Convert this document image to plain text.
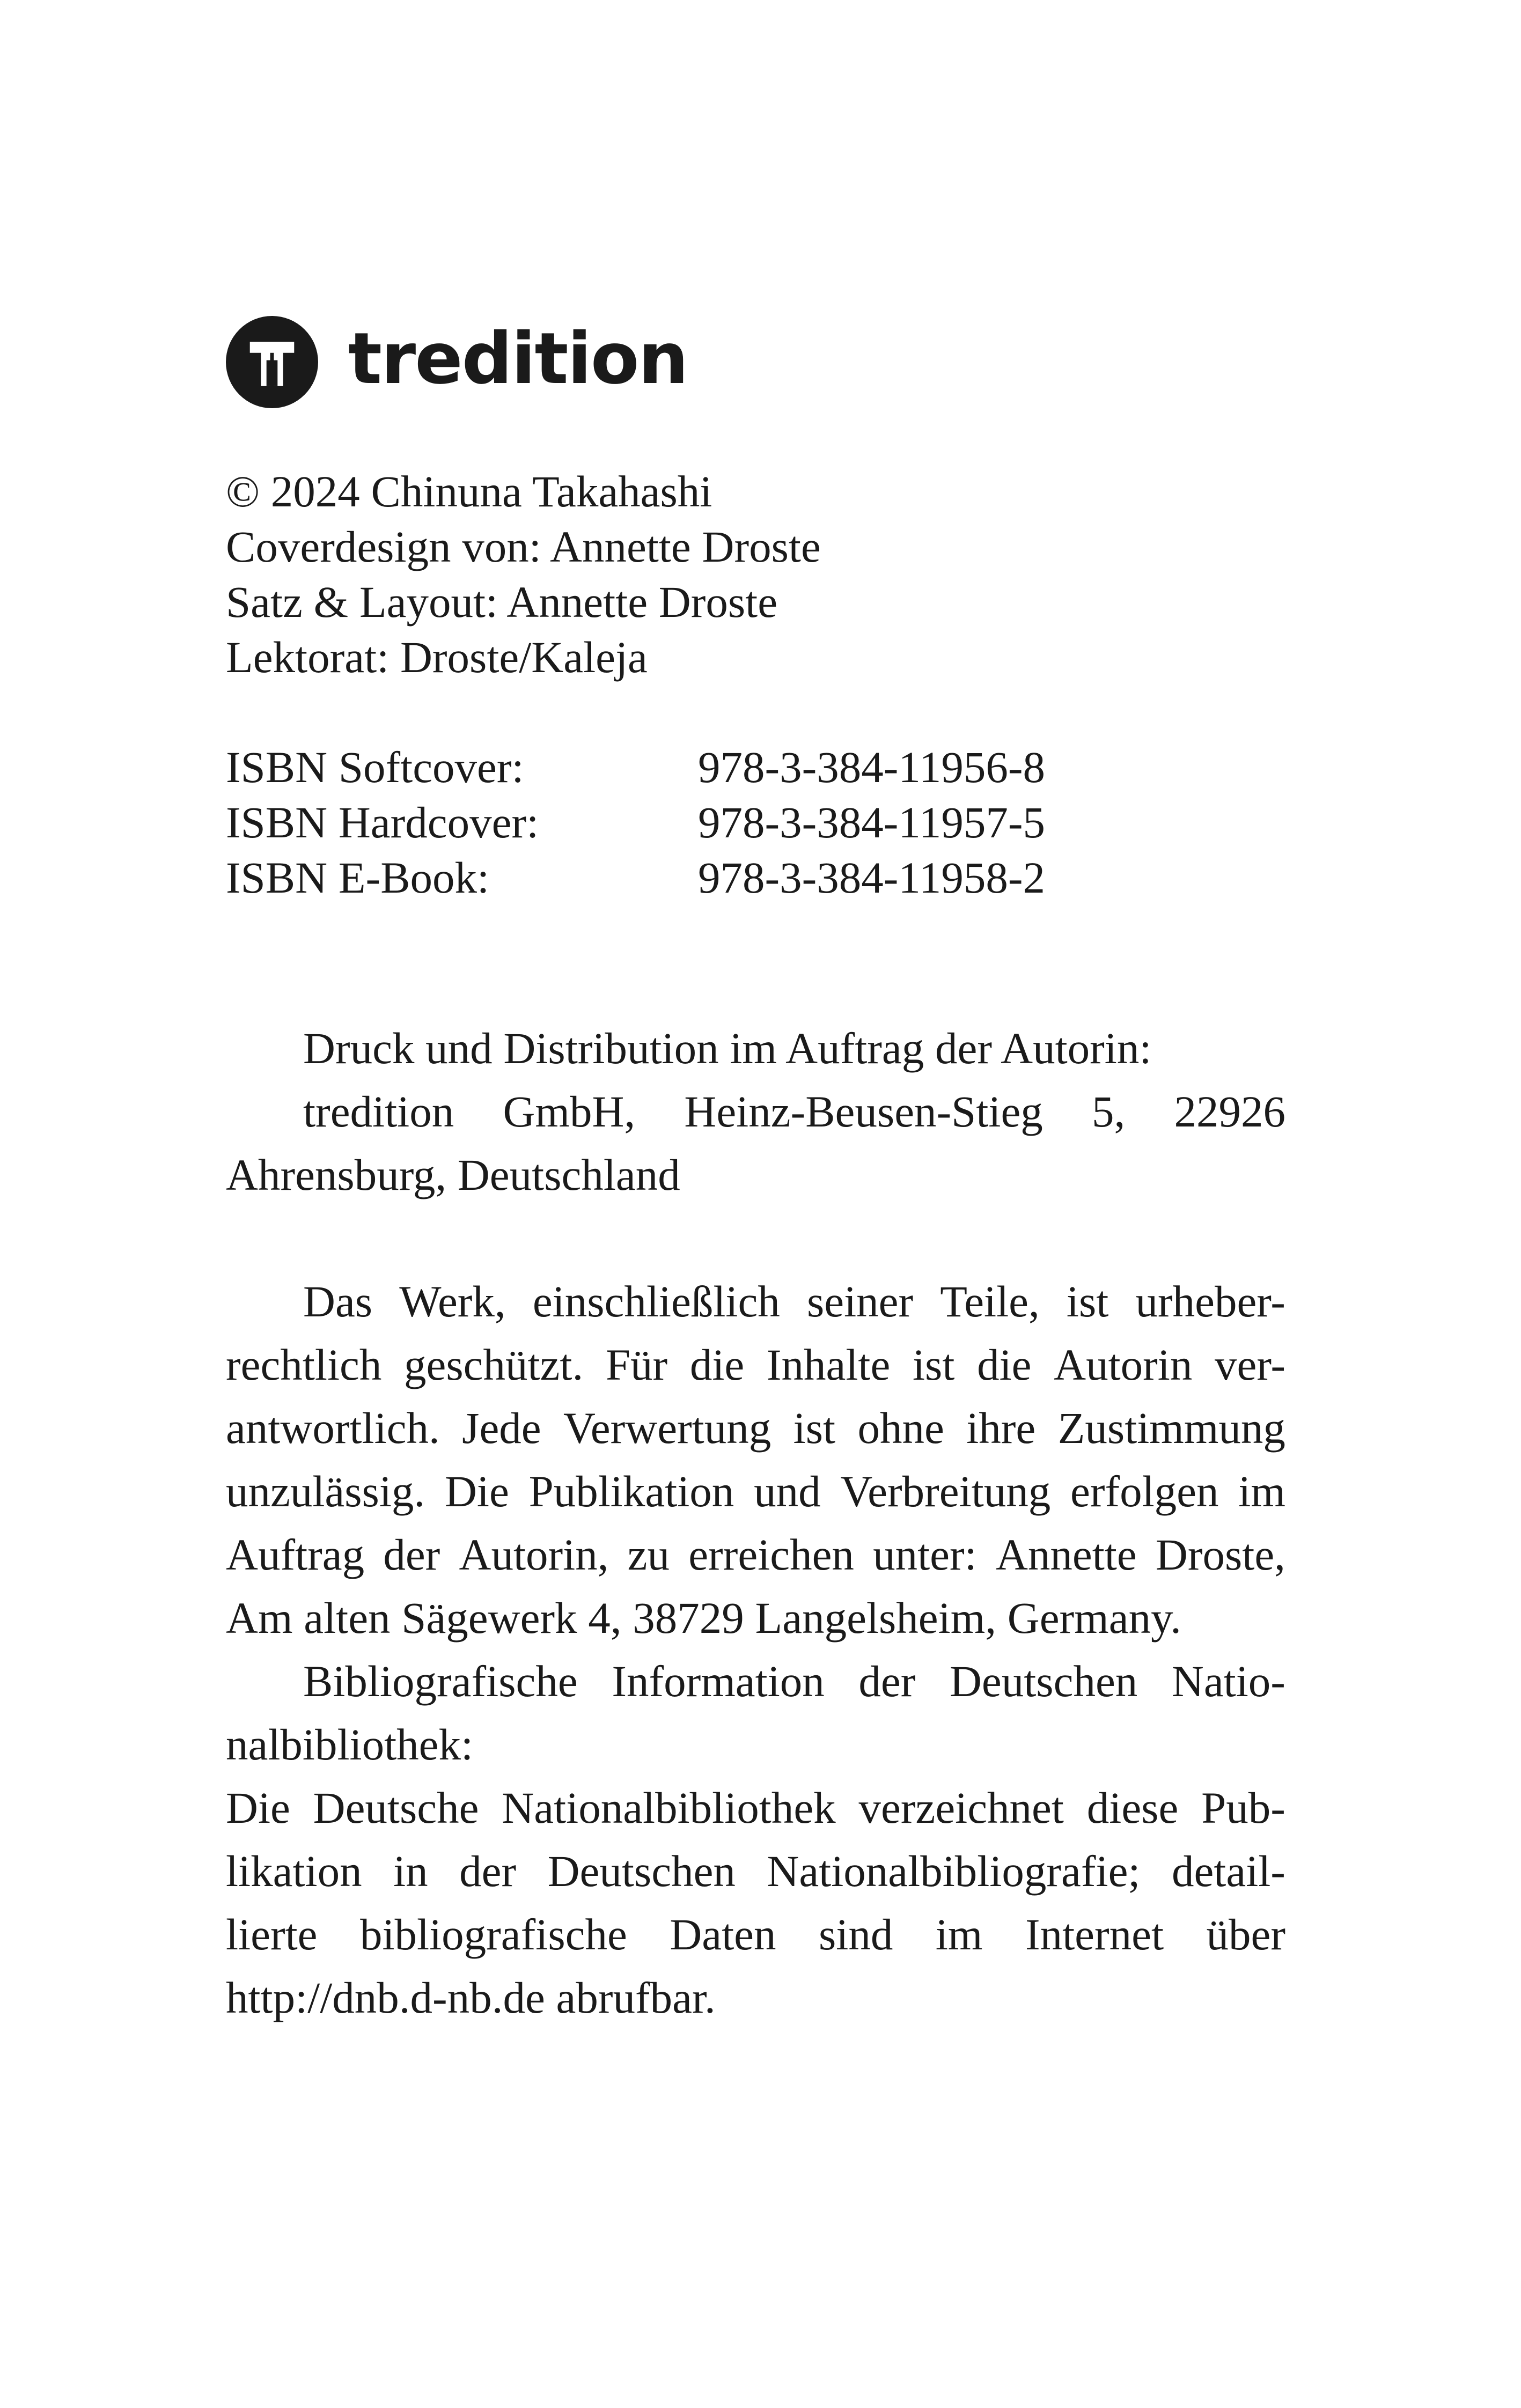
tredition
© 2024 Chinuna Takahashi
Coverdesign von: Annette Droste
Satz & Layout: Annette Droste
Lektorat: Droste/Kaleja
ISBN Softcover:	978-3-384-11956-8
ISBN Hardcover:	978-3-384-11957-5
ISBN E-Book:	978-3-384-11958-2
Druck und Distribution im Auftrag der Autorin:
tredition GmbH, Heinz-Beusen-Stieg 5, 22926
Ahrensburg, Deutschland
Das Werk, einschließlich seiner Teile, ist urheber-
rechtlich geschützt. Für die Inhalte ist die Autorin ver-
antwortlich. Jede Verwertung ist ohne ihre Zustimmung
unzulässig. Die Publikation und Verbreitung erfolgen im
Auftrag der Autorin, zu erreichen unter: Annette Droste,
Am alten Sägewerk 4, 38729 Langelsheim, Germany.
Bibliografische Information der Deutschen Natio-
nalbibliothek:
Die Deutsche Nationalbibliothek verzeichnet diese Pub-
likation in der Deutschen Nationalbibliografie; detail-
lierte bibliografische Daten sind im Internet über
http://dnb.d-nb.de abrufbar.
